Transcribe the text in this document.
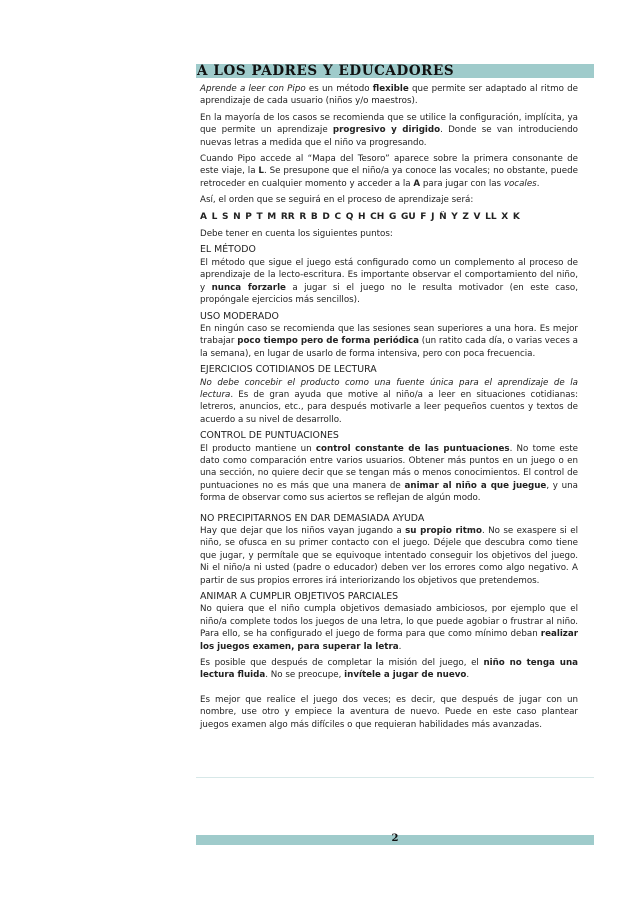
A LOS PADRES Y EDUCADORES

Aprende a leer con Pipo es un método flexible que permite ser adaptado al ritmo de aprendizaje de cada usuario (niños y/o maestros).

En la mayoría de los casos se recomienda que se utilice la configuración, implícita, ya que permite un aprendizaje progresivo y dirigido. Donde se van introduciendo nuevas letras a medida que el niño va progresando.

Cuando Pipo accede al “Mapa del Tesoro” aparece sobre la primera consonante de este viaje, la L. Se presupone que el niño/a ya conoce las vocales; no obstante, puede retroceder en cualquier momento y acceder a la A para jugar con las vocales.

Así, el orden que se seguirá en el proceso de aprendizaje será:

A L S N P T M RR R B D C Q H CH G GU F J Ñ Y Z V LL X K

Debe tener en cuenta los siguientes puntos:

EL MÉTODO

El método que sigue el juego está configurado como un complemento al proceso de aprendizaje de la lecto-escritura. Es importante observar el comportamiento del niño, y nunca forzarle a jugar si el juego no le resulta motivador (en este caso, propóngale ejercicios más sencillos).

USO MODERADO

En ningún caso se recomienda que las sesiones sean superiores a una hora. Es mejor trabajar poco tiempo pero de forma periódica (un ratito cada día, o varias veces a la semana), en lugar de usarlo de forma intensiva, pero con poca frecuencia.

EJERCICIOS COTIDIANOS DE LECTURA

No debe concebir el producto como una fuente única para el aprendizaje de la lectura. Es de gran ayuda que motive al niño/a a leer en situaciones cotidianas: letreros, anuncios, etc., para después motivarle a leer pequeños cuentos y textos de acuerdo a su nivel de desarrollo.

CONTROL DE PUNTUACIONES

El producto mantiene un control constante de las puntuaciones. No tome este dato como comparación entre varios usuarios. Obtener más puntos en un juego o en una sección, no quiere decir que se tengan más o menos conocimientos. El control de puntuaciones no es más que una manera de animar al niño a que juegue, y una forma de observar como sus aciertos se reflejan de algún modo.

NO PRECIPITARNOS EN DAR DEMASIADA AYUDA

Hay que dejar que los niños vayan jugando a su propio ritmo. No se exaspere si el niño, se ofusca en su primer contacto con el juego. Déjele que descubra como tiene que jugar, y permítale que se equivoque intentado conseguir los objetivos del juego. Ni el niño/a ni usted (padre o educador) deben ver los errores como algo negativo. A partir de sus propios errores irá interiorizando los objetivos que pretendemos.

ANIMAR A CUMPLIR OBJETIVOS PARCIALES

No quiera que el niño cumpla objetivos demasiado ambiciosos, por ejemplo que el niño/a complete todos los juegos de una letra, lo que puede agobiar o frustrar al niño. Para ello, se ha configurado el juego de forma para que como mínimo deban realizar los juegos examen, para superar la letra.

Es posible que después de completar la misión del juego, el niño no tenga una lectura fluida. No se preocupe, invítele a jugar de nuevo.

Es mejor que realice el juego dos veces; es decir, que después de jugar con un nombre, use otro y empiece la aventura de nuevo. Puede en este caso plantear juegos examen algo más difíciles o que requieran habilidades más avanzadas.

2
